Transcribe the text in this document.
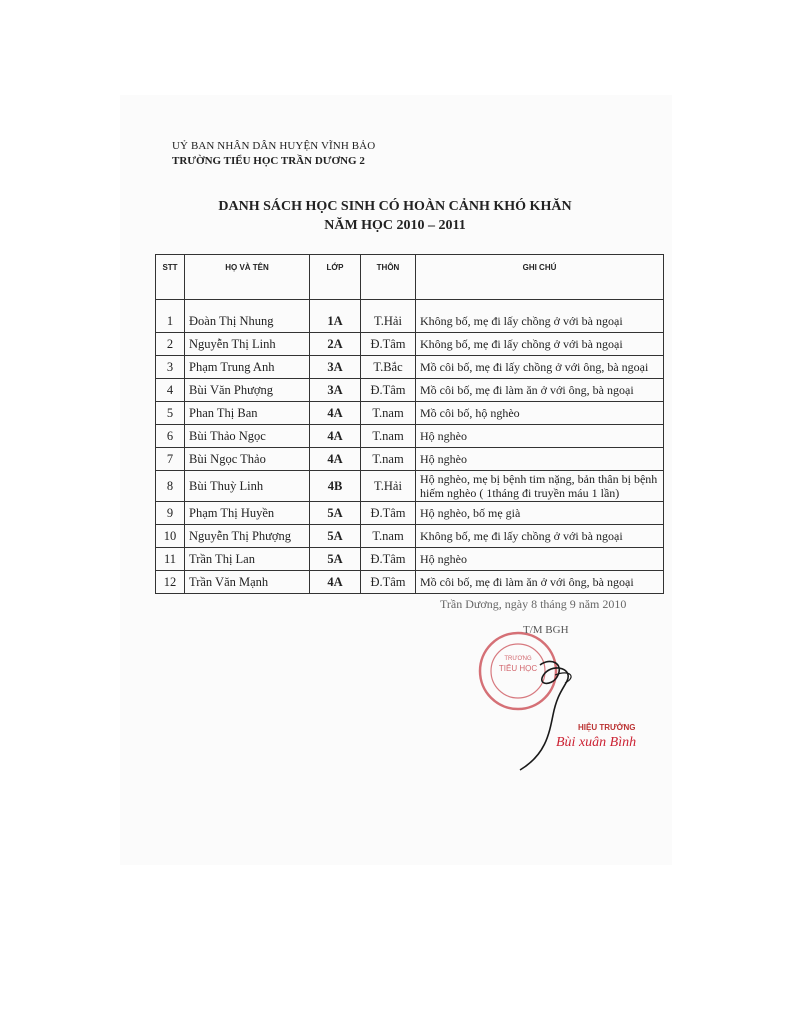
UỶ BAN NHÂN DÂN HUYỆN VĨNH BẢO
TRƯỜNG TIỂU HỌC TRẦN DƯƠNG 2
DANH SÁCH HỌC SINH CÓ HOÀN CẢNH KHÓ KHĂN
NĂM HỌC 2010 – 2011
STT	HỌ VÀ TÊN	LỚP	THÔN	GHI CHÚ
1	Đoàn Thị Nhung	1A	T.Hải	Không bố, mẹ đi lấy chồng ở với bà ngoại
2	Nguyễn Thị Linh	2A	Đ.Tâm	Không bố, mẹ đi lấy chồng ở với bà ngoại
3	Phạm Trung Anh	3A	T.Bắc	Mồ côi bố, mẹ đi lấy chồng ở với ông, bà ngoại
4	Bùi Văn Phượng	3A	Đ.Tâm	Mồ côi bố, mẹ đi làm ăn ở với ông, bà ngoại
5	Phan Thị Ban	4A	T.nam	Mồ côi bố, hộ nghèo
6	Bùi Thảo Ngọc	4A	T.nam	Hộ nghèo
7	Bùi Ngọc Thảo	4A	T.nam	Hộ nghèo
8	Bùi Thuỳ Linh	4B	T.Hải	Hộ nghèo, mẹ bị bệnh tim nặng, bản thân bị bệnh hiếm nghèo ( 1tháng đi truyền máu 1 lần)
9	Phạm Thị Huyền	5A	Đ.Tâm	Hộ nghèo, bố mẹ già
10	Nguyễn Thị Phượng	5A	T.nam	Không bố, mẹ đi lấy chồng ở với bà ngoại
11	Trần Thị Lan	5A	Đ.Tâm	Hộ nghèo
12	Trần Văn Mạnh	4A	Đ.Tâm	Mồ côi bố, mẹ đi làm ăn ở với ông, bà ngoại
Trần Dương, ngày 8 tháng 9 năm 2010
TRƯỜNG
TIỂU HỌC
T/M BGH
HIỆU TRƯỞNG
Bùi xuân Bình
